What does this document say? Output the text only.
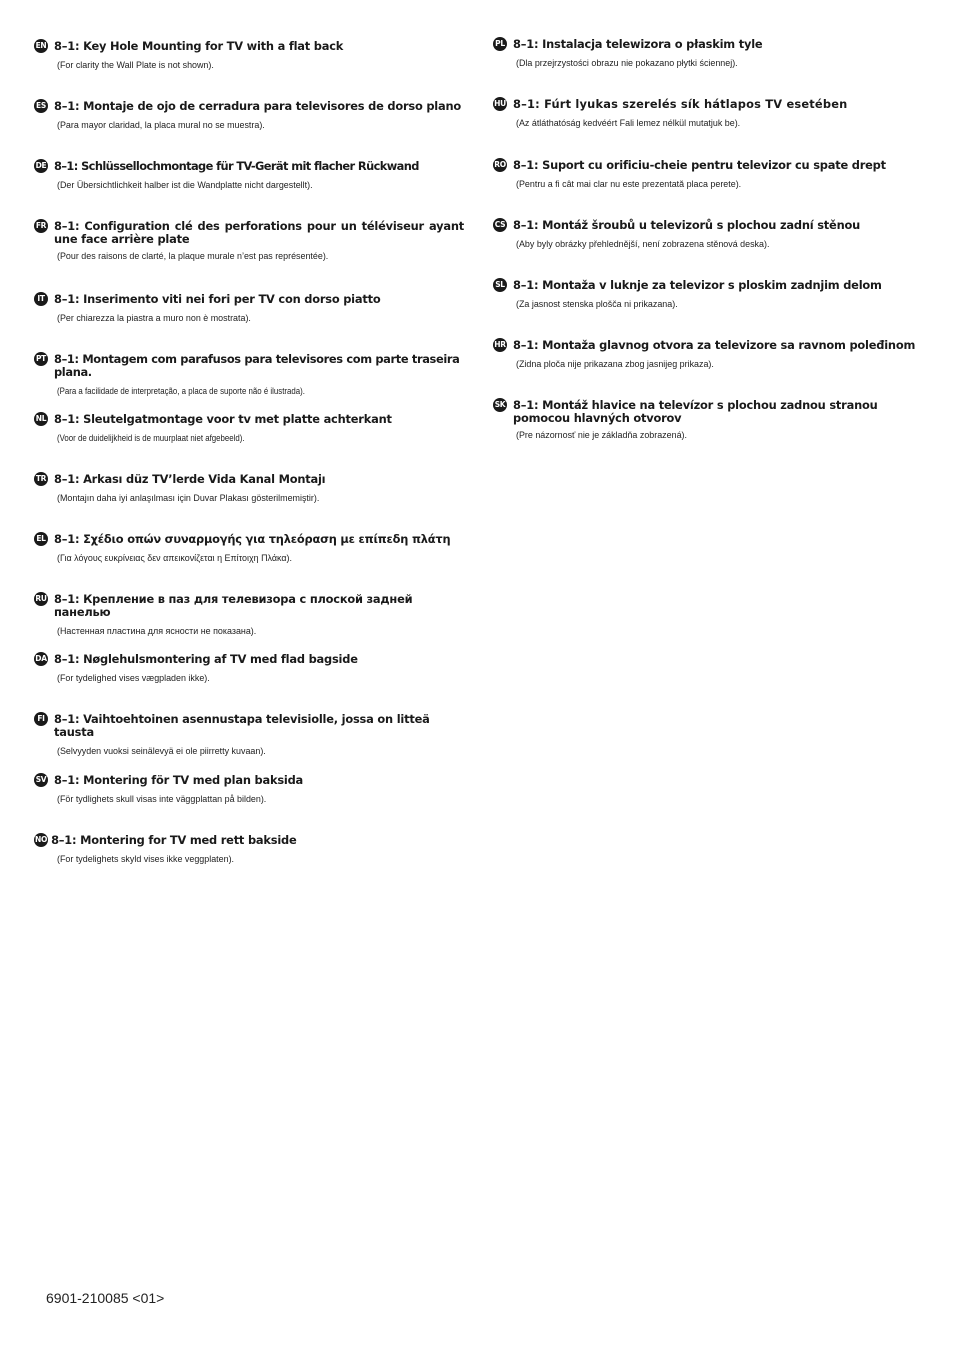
EN 8–1: Key Hole Mounting for TV with a flat back
(For clarity the Wall Plate is not shown).
ES 8–1: Montaje de ojo de cerradura para televisores de dorso plano
(Para mayor claridad, la placa mural no se muestra).
DE 8–1: Schlüssellochmontage für TV-Gerät mit flacher Rückwand
(Der Übersichtlichkeit halber ist die Wandplatte nicht dargestellt).
FR 8–1: Configuration clé des perforations pour un téléviseur ayant une face arrière plate
(Pour des raisons de clarté, la plaque murale n’est pas représentée).
IT 8–1: Inserimento viti nei fori per TV con dorso piatto
(Per chiarezza la piastra a muro non è mostrata).
PT 8–1: Montagem com parafusos para televisores com parte traseira plana.
(Para a facilidade de interpretação, a placa de suporte não é ilustrada).
NL 8–1: Sleutelgatmontage voor tv met platte achterkant
(Voor de duidelijkheid is de muurplaat niet afgebeeld).
TR 8–1: Arkası düz TV’lerde Vida Kanal Montajı
(Montajın daha iyi anlaşılması için Duvar Plakası gösterilmemiştir).
EL 8–1: Σχέδιο οπών συναρμογής για τηλεόραση με επίπεδη πλάτη
(Για λόγους ευκρίνειας δεν απεικονίζεται η Επίτοιχη Πλάκα).
RU 8–1: Крепление в паз для телевизора с плоской задней панелью
(Настенная пластина для ясности не показана).
DA 8–1: Nøglehulsmontering af TV med flad bagside
(For tydelighed vises vægpladen ikke).
FI 8–1: Vaihtoehtoinen asennustapa televisiolle, jossa on litteä tausta
(Selvyyden vuoksi seinälevyä ei ole piirretty kuvaan).
SV 8–1: Montering för TV med plan baksida
(För tydlighets skull visas inte väggplattan på bilden).
NO 8–1: Montering for TV med rett bakside
(For tydelighets skyld vises ikke veggplaten).
PL 8–1: Instalacja telewizora o płaskim tyle
(Dla przejrzystości obrazu nie pokazano płytki ściennej).
HU 8–1: Fúrt lyukas szerelés sík hátlapos TV esetében
(Az átláthatóság kedvéért Fali lemez nélkül mutatjuk be).
RO 8–1: Suport cu orificiu-cheie pentru televizor cu spate drept
(Pentru a fi cât mai clar nu este prezentată placa perete).
CS 8–1: Montáž šroubů u televizorů s plochou zadní stěnou
(Aby byly obrázky přehlednější, není zobrazena stěnová deska).
SL 8–1: Montaža v luknje za televizor s ploskim zadnjim delom
(Za jasnost stenska plošča ni prikazana).
HR 8–1: Montaža glavnog otvora za televizore sa ravnom poleđinom
(Zidna ploča nije prikazana zbog jasnijeg prikaza).
SK 8–1: Montáž hlavice na televízor s plochou zadnou stranou pomocou hlavných otvorov
(Pre názornosť nie je základňa zobrazená).
6901-210085 <01>
